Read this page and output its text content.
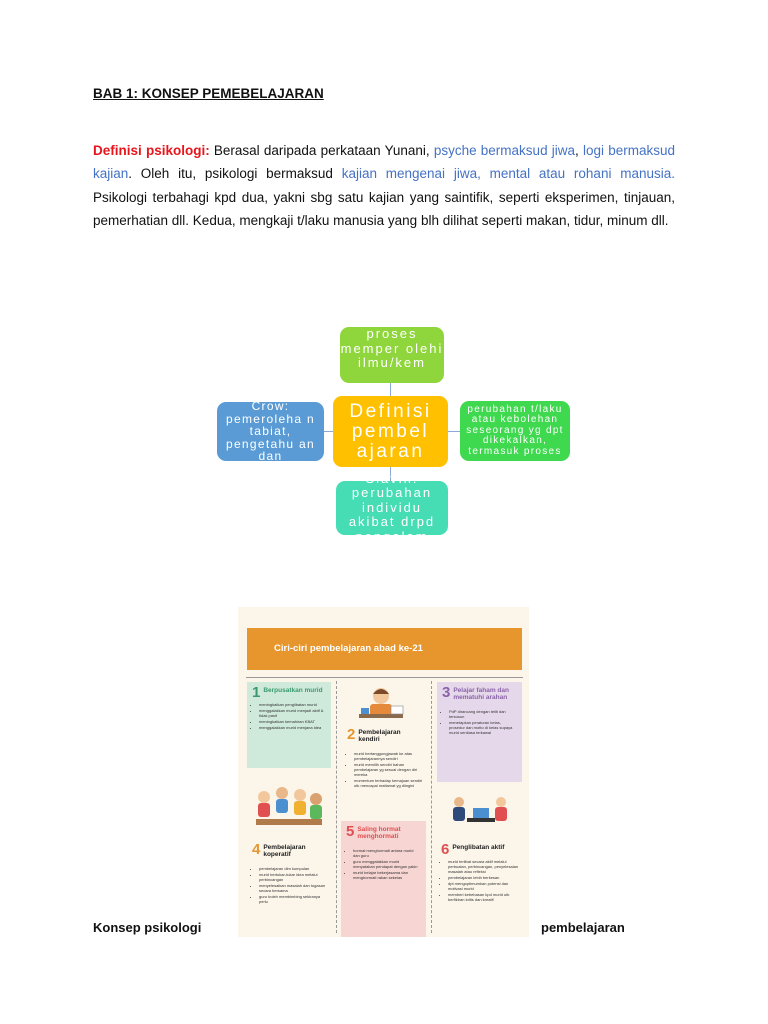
BAB 1: KONSEP PEMEBELAJARAN
Definisi psikologi: Berasal daripada perkataan Yunani, psyche bermaksud jiwa, logi bermaksud kajian. Oleh itu, psikologi bermaksud kajian mengenai jiwa, mental atau rohani manusia. Psikologi terbahagi kpd dua, yakni sbg satu kajian yang saintifik, seperti eksperimen, tinjauan, pemerhatian dll. Kedua, mengkaji t/laku manusia yang blh dilihat seperti makan, tidur, minum dll.
proses memper olehi ilmu/kem
Crow: pemeroleha n tabiat, pengetahu an dan
perubahan t/laku atau kebolehan seseorang yg dpt dikekalkan, termasuk proses
Slavin: perubahan individu akibat drpd pengalam
Definisi pembel ajaran
Ciri-ciri pembelajaran abad ke-21
1 Berpusatkan murid
• meningkatkan penglibatan murid
• menggalakkan murid menjadi aktif & tidak pasif
• meningkatkan kemahiran KBAT
• menggalakkan murid menjana idea	2 Pembelajaran kendiri
• murid bertanggungjawab ke atas pembelajarannya sendiri
• murid memilih sendiri bahan pembelajaran yg sesuai dengan diri mereka
• momentum terhadap kemajuan sendiri utk mencapai matlamat yg diingini
3 Pelajar faham dan mematuhi arahan
• PdP dirancang dengan teliti dan tersusun
• menetapkan peraturan kelas, prosedur dan motto di kelas supaya murid sentiasa terkawal
4 Pembelajaran koperatif
• pembelajaran dlm kumpulan
• murid bertukar-tukar idea melalui perbincangan
• menyelesaikan masalah dan tugasan secara bersama
• guru boleh membimbing sekiranya perlu
5 Saling hormat menghormati
• hormat menghormati antara murid dan guru
• guru menggalakkan murid menyatakan pendapat dengan yakin
• murid belajar bekerjasama dan menghormati rakan sekelas
6 Penglibatan aktif
• murid terlibat secara aktif melalui perbualan, perbincangan, penyelesaian masalah atau refleksi
• pembelajaran lebih berkesan
• dpt mengoptimumkan potensi dan motivasi murid
• memberi kebebasan kpd murid utk berfikiran kritis dan kreatif
Konsep psikologi	pembelajaran
